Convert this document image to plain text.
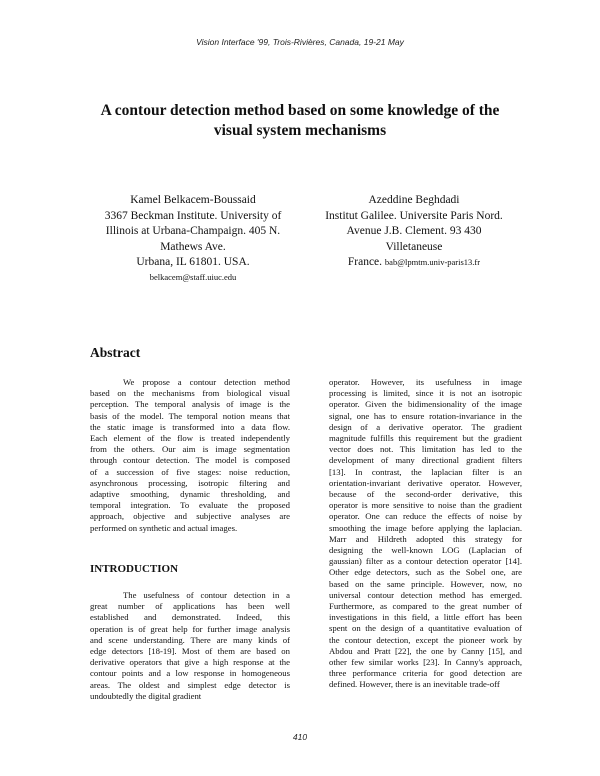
Vision Interface '99, Trois-Rivières, Canada, 19-21 May
A contour detection method based on some knowledge of the
visual system mechanisms
Kamel Belkacem-Boussaid
3367 Beckman Institute. University of
Illinois at Urbana-Champaign. 405 N.
Mathews Ave.
Urbana, IL 61801. USA.
belkacem@staff.uiuc.edu
Azeddine Beghdadi
Institut Galilee. Universite Paris Nord.
Avenue J.B. Clement. 93 430 Villetaneuse
France. bab@lpmtm.univ-paris13.fr
Abstract
We propose a contour detection method
based on the mechanisms from biological visual
perception. The temporal analysis of image is the
basis of the model. The temporal notion means that
the static image is transformed into a data flow.
Each element of the flow is treated independently
from the others. Our aim is image segmentation
through contour detection. The model is composed
of a succession of five stages: noise reduction,
asynchronous processing, isotropic filtering and
adaptive smoothing, dynamic thresholding, and
temporal integration. To evaluate the proposed
approach, objective and subjective analyses are
performed on synthetic and actual images.
INTRODUCTION
The usefulness of contour detection in a
great number of applications has been well
established and demonstrated. Indeed, this
operation is of great help for further image analysis
and scene understanding. There are many kinds of
edge detectors [18-19]. Most of them are based on
derivative operators that give a high response at the
contour points and a low response in homogeneous
areas. The oldest and simplest edge detector is
undoubtedly the digital gradient
operator. However, its usefulness in image
processing is limited, since it is not an isotropic
operator. Given the bidimensionality of the image
signal, one has to ensure rotation-invariance in the
design of a derivative operator. The gradient
magnitude fulfills this requirement but the gradient
vector does not. This limitation has led to the
development of many directional gradient filters
[13]. In contrast, the laplacian filter is an
orientation-invariant derivative operator. However,
because of the second-order derivative, this
operator is more sensitive to noise than the gradient
operator. One can reduce the effects of noise by
smoothing the image before applying the laplacian.
Marr and Hildreth adopted this strategy for
designing the well-known LOG (Laplacian of
gaussian) filter as a contour detection operator [14].
Other edge detectors, such as the Sobel one, are
based on the same principle. However, now, no
universal contour detection method has emerged.
Furthermore, as compared to the great number of
investigations in this field, a little effort has been
spent on the design of a quantitative evaluation of
the contour detection, except the pioneer work by
Abdou and Pratt [22], the one by Canny [15], and
other few similar works [23]. In Canny's approach,
three performance criteria for good detection are
defined. However, there is an inevitable trade-off
410
